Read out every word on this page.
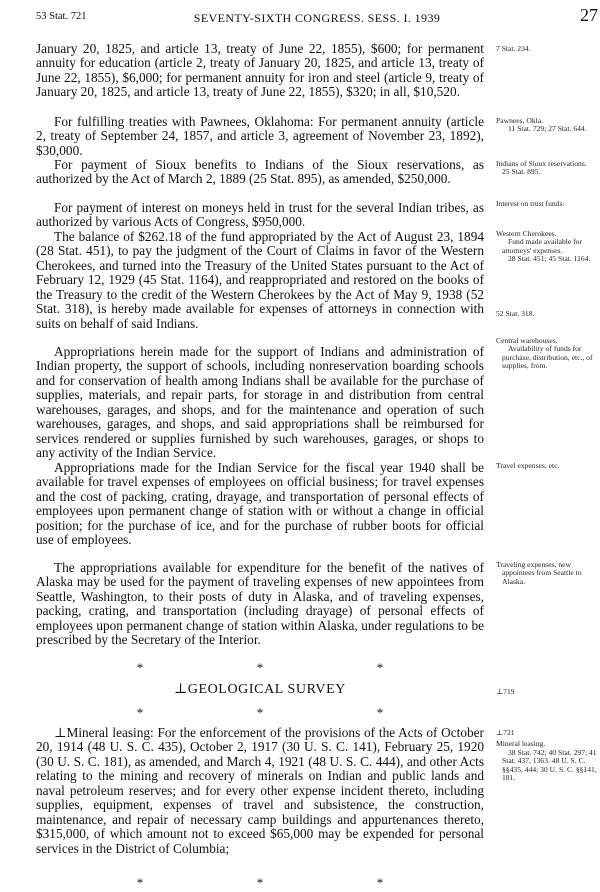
53 Stat. 721	SEVENTY-SIXTH CONGRESS. SESS. I. 1939	27

January 20, 1825, and article 13, treaty of June 22, 1855), $600; for permanent annuity for education (article 2, treaty of January 20, 1825, and article 13, treaty of June 22, 1855), $6,000; for permanent annuity for iron and steel (article 9, treaty of January 20, 1825, and article 13, treaty of June 22, 1855), $320; in all, $10,520.

For fulfilling treaties with Pawnees, Oklahoma: For permanent annuity (article 2, treaty of September 24, 1857, and article 3, agreement of November 23, 1892), $30,000.

For payment of Sioux benefits to Indians of the Sioux reservations, as authorized by the Act of March 2, 1889 (25 Stat. 895), as amended, $250,000.

For payment of interest on moneys held in trust for the several Indian tribes, as authorized by various Acts of Congress, $950,000.

The balance of $262.18 of the fund appropriated by the Act of August 23, 1894 (28 Stat. 451), to pay the judgment of the Court of Claims in favor of the Western Cherokees, and turned into the Treasury of the United States pursuant to the Act of February 12, 1929 (45 Stat. 1164), and reappropriated and restored on the books of the Treasury to the credit of the Western Cherokees by the Act of May 9, 1938 (52 Stat. 318), is hereby made available for expenses of attorneys in connection with suits on behalf of said Indians.

Appropriations herein made for the support of Indians and administration of Indian property, the support of schools, including nonreservation boarding schools and for conservation of health among Indians shall be available for the purchase of supplies, materials, and repair parts, for storage in and distribution from central warehouses, garages, and shops, and for the maintenance and operation of such warehouses, garages, and shops, and said appropriations shall be reimbursed for services rendered or supplies furnished by such warehouses, garages, or shops to any activity of the Indian Service.

Appropriations made for the Indian Service for the fiscal year 1940 shall be available for travel expenses of employees on official business; for travel expenses and the cost of packing, crating, drayage, and transportation of personal effects of employees upon permanent change of station with or without a change in official position; for the purchase of ice, and for the purchase of rubber boots for official use of employees.

The appropriations available for expenditure for the benefit of the natives of Alaska may be used for the payment of traveling expenses of new appointees from Seattle, Washington, to their posts of duty in Alaska, and of traveling expenses, packing, crating, and transportation (including drayage) of personal effects of employees upon permanent change of station within Alaska, under regulations to be prescribed by the Secretary of the Interior.

*	*	*
⊥GEOLOGICAL SURVEY
*	*	*

⊥Mineral leasing: For the enforcement of the provisions of the Acts of October 20, 1914 (48 U. S. C. 435), October 2, 1917 (30 U. S. C. 141), February 25, 1920 (30 U. S. C. 181), as amended, and March 4, 1921 (48 U. S. C. 444), and other Acts relating to the mining and recovery of minerals on Indian and public lands and naval petroleum reserves; and for every other expense incident thereto, including supplies, equipment, expenses of travel and subsistence, the construction, maintenance, and repair of necessary camp buildings and appurtenances thereto, $315,000, of which amount not to exceed $65,000 may be expended for personal services in the District of Columbia;

*	*	*
7 Stat. 234.
Pawnees, Okla.
11 Stat. 729; 27 Stat. 644.
Indians of Sioux reservations.
25 Stat. 895.
Interest on trust funds.
Western Cherokees.
Fund made available for attorneys' expenses.
28 Stat. 451; 45 Stat. 1164.
52 Stat. 318.
Central warehouses.
Availability of funds for purchase, distribution, etc., of supplies, from.
Travel expenses, etc.
Traveling expenses, new appointees from Seattle to Alaska.
⊥719
⊥721
Mineral leasing.
38 Stat. 742; 40 Stat. 297; 41 Stat. 437, 1363. 48 U. S. C. §§435, 444; 30 U. S. C. §§141, 181.
